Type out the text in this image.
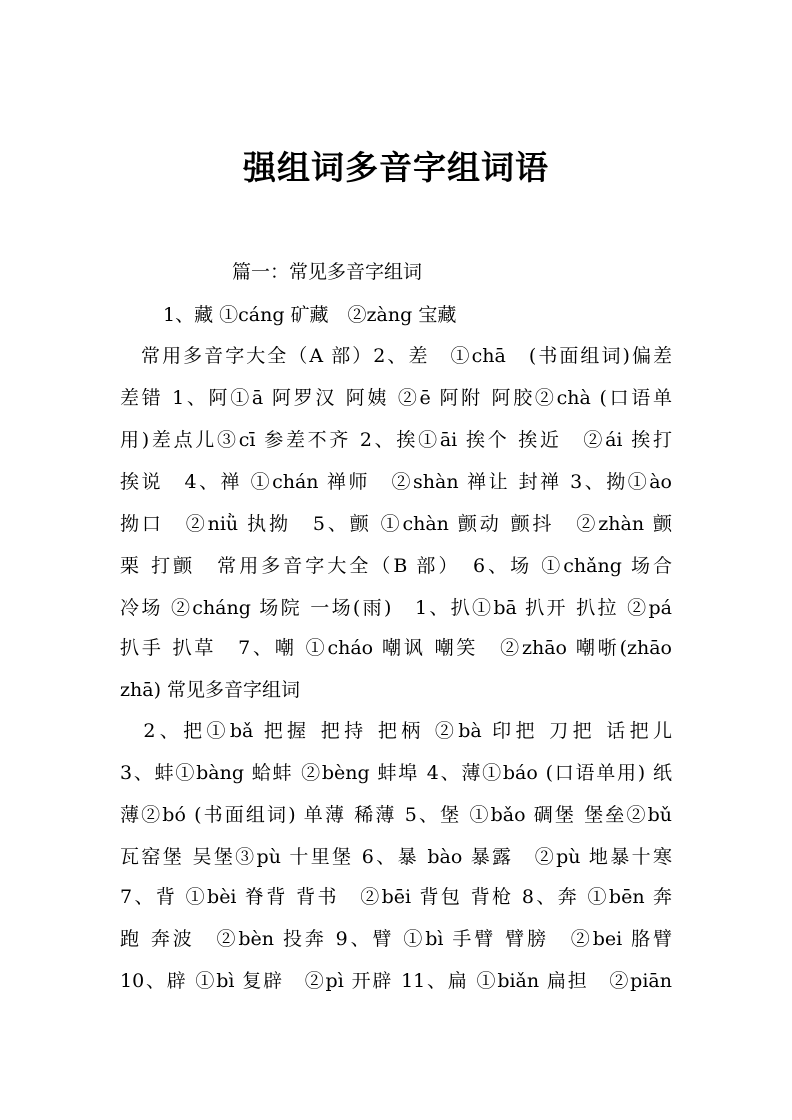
强组词多音字组词语
篇一：常见多音字组词
1、藏 ①cáng 矿藏　②zàng 宝藏
　常用多音字大全（A 部）2、差　①chā　(书面组词)偏差
差错 1、阿①ā 阿罗汉 阿姨 ②ē 阿附 阿胶②chà (口语单
用)差点儿③cī 参差不齐 2、挨①āi 挨个 挨近　②ái 挨打
挨说　4、禅 ①chán 禅师　②shàn 禅让 封禅 3、拗①ào
拗口　②niǜ 执拗　5、颤 ①chàn 颤动 颤抖　②zhàn 颤
栗 打颤　常用多音字大全（B 部）　6、场 ①chǎng 场合
冷场 ②cháng 场院 一场(雨)　1、扒①bā 扒开 扒拉 ②pá
扒手 扒草　7、嘲 ①cháo 嘲讽 嘲笑　②zhāo 嘲哳(zhāo
zhā) 常见多音字组词
　2、把①bǎ 把握 把持 把柄 ②bà 印把 刀把 话把儿
3、蚌①bàng 蛤蚌 ②bèng 蚌埠 4、薄①báo (口语单用) 纸
薄②bó (书面组词) 单薄 稀薄 5、堡 ①bǎo 碉堡 堡垒②bǔ
瓦窑堡 吴堡③pù 十里堡 6、暴 bào 暴露　②pù 地暴十寒
7、背 ①bèi 脊背 背书　②bēi 背包 背枪 8、奔 ①bēn 奔
跑 奔波　②bèn 投奔 9、臂 ①bì 手臂 臂膀　②bei 胳臂
10、辟 ①bì 复辟　②pì 开辟 11、扁 ①biǎn 扁担　②piān
